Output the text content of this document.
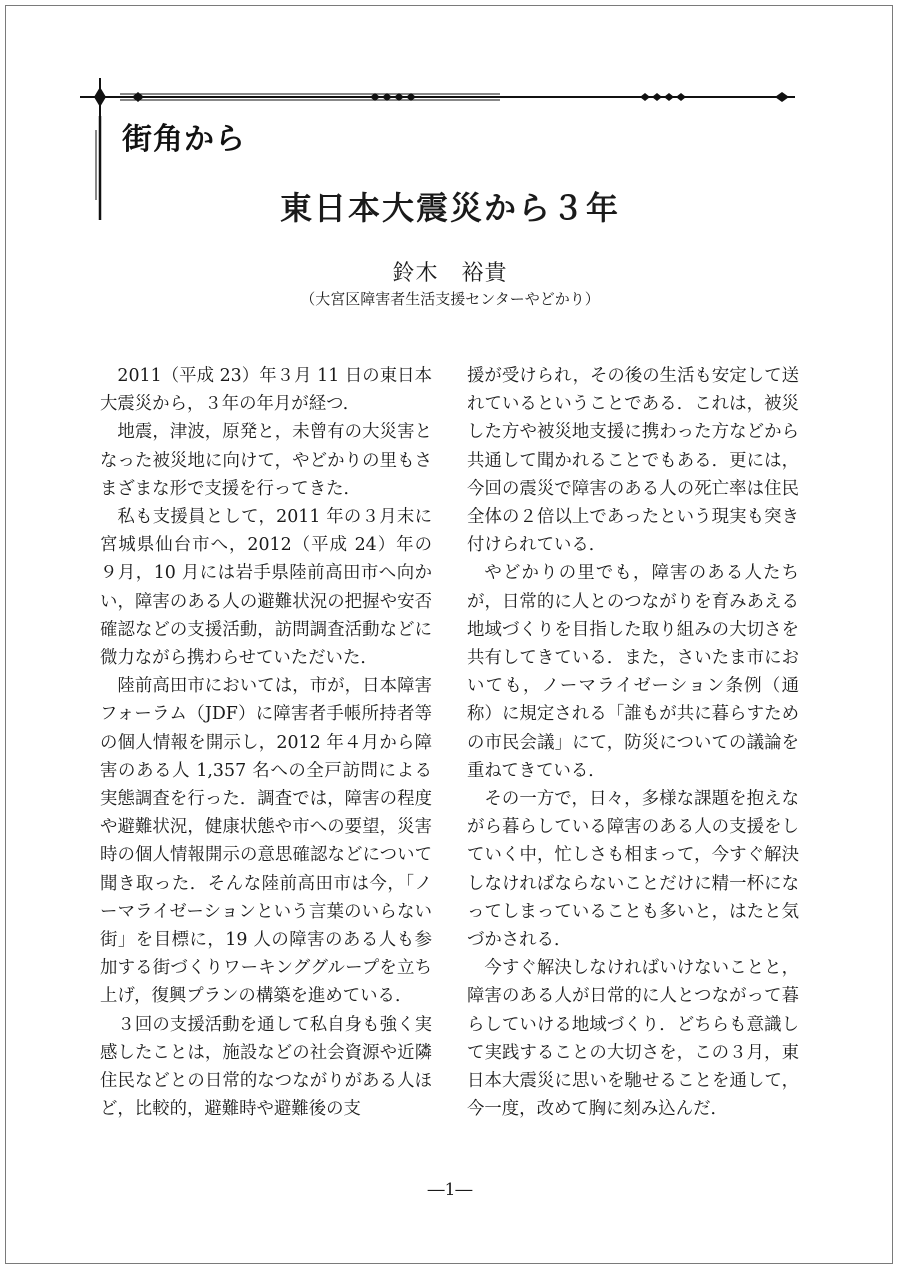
街角から
東日本大震災から３年
鈴木　裕貴
（大宮区障害者生活支援センターやどかり）

2011（平成 23）年３月 11 日の東日本大震災から，３年の年月が経つ．

地震，津波，原発と，未曾有の大災害となった被災地に向けて，やどかりの里もさまざまな形で支援を行ってきた．

私も支援員として，2011 年の３月末に宮城県仙台市へ，2012（平成 24）年の９月，10 月には岩手県陸前高田市へ向かい，障害のある人の避難状況の把握や安否確認などの支援活動，訪問調査活動などに微力ながら携わらせていただいた．

陸前高田市においては，市が，日本障害フォーラム（JDF）に障害者手帳所持者等の個人情報を開示し，2012 年４月から障害のある人 1,357 名への全戸訪問による実態調査を行った．調査では，障害の程度や避難状況，健康状態や市への要望，災害時の個人情報開示の意思確認などについて聞き取った．そんな陸前高田市は今，「ノーマライゼーションという言葉のいらない街」を目標に，19 人の障害のある人も参加する街づくりワーキンググループを立ち上げ，復興プランの構築を進めている．

３回の支援活動を通して私自身も強く実感したことは，施設などの社会資源や近隣住民などとの日常的なつながりがある人ほど，比較的，避難時や避難後の支

援が受けられ，その後の生活も安定して送れているということである．これは，被災した方や被災地支援に携わった方などから共通して聞かれることでもある．更には，今回の震災で障害のある人の死亡率は住民全体の２倍以上であったという現実も突き付けられている．

やどかりの里でも，障害のある人たちが，日常的に人とのつながりを育みあえる地域づくりを目指した取り組みの大切さを共有してきている．また，さいたま市においても，ノーマライゼーション条例（通称）に規定される「誰もが共に暮らすための市民会議」にて，防災についての議論を重ねてきている．

その一方で，日々，多様な課題を抱えながら暮らしている障害のある人の支援をしていく中，忙しさも相まって，今すぐ解決しなければならないことだけに精一杯になってしまっていることも多いと，はたと気づかされる．

今すぐ解決しなければいけないことと，障害のある人が日常的に人とつながって暮らしていける地域づくり．どちらも意識して実践することの大切さを，この３月，東日本大震災に思いを馳せることを通して，今一度，改めて胸に刻み込んだ．

―1―
